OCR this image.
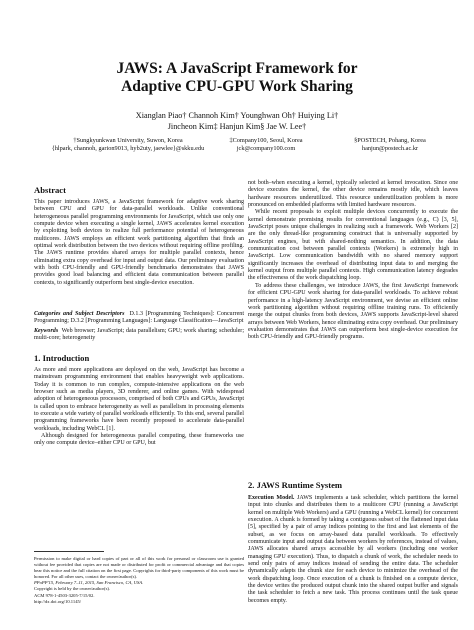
JAWS: A JavaScript Framework for
Adaptive CPU-GPU Work Sharing
Xianglan Piao† Channoh Kim† Younghwan Oh† Huiying Li†
Jincheon Kim‡ Hanjun Kim§ Jae W. Lee†
†Sungkyunkwan University, Suwon, Korea
{hlpark, channoh, garion9013, hyb2uty, jaewlee}@skku.edu
‡Company100, Seoul, Korea
jck@company100.com
§POSTECH, Pohang, Korea
hanjun@postech.ac.kr
Abstract

This paper introduces JAWS, a JavaScript framework for adaptive work sharing between CPU and GPU for data-parallel workloads. Unlike conventional heterogeneous parallel programming environments for JavaScript, which use only one compute device when executing a single kernel, JAWS accelerates kernel execution by exploiting both devices to realize full performance potential of heterogeneous multicores. JAWS employs an efficient work partitioning algorithm that finds an optimal work distribution between the two devices without requiring offline profiling. The JAWS runtime provides shared arrays for multiple parallel contexts, hence eliminating extra copy overhead for input and output data. Our preliminary evaluation with both CPU-friendly and GPU-friendly benchmarks demonstrates that JAWS provides good load balancing and efficient data communication between parallel contexts, to significantly outperform best single-device execution.

Categories and Subject Descriptors D.1.3 [Programming Techniques]: Concurrent Programming; D.3.2 [Programming Languages]: Language Classification—JavaScript

Keywords Web browser; JavaScript; data parallelism; GPU; work sharing; scheduler; multi-core; heterogeneity

1. Introduction

As more and more applications are deployed on the web, JavaScript has become a mainstream programming environment that enables heavyweight web applications. Today it is common to run complex, compute-intensive applications on the web browser such as media players, 3D renderer, and online games. With widespread adoption of heterogeneous processors, comprised of both CPUs and GPUs, JavaScript is called upon to embrace heterogeneity as well as parallelism in processing elements to execute a wide variety of parallel workloads efficiently. To this end, several parallel programming frameworks have been recently proposed to accelerate data-parallel workloads, including WebCL [1].

Although designed for heterogeneous parallel computing, these frameworks use only one compute device–either CPU or GPU, but

Permission to make digital or hard copies of part or all of this work for personal or classroom use is granted without fee provided that copies are not made or distributed for profit or commercial advantage and that copies bear this notice and the full citation on the first page. Copyrights for third-party components of this work must be honored. For all other uses, contact the owner/author(s).

PPoPP'15, February 7–11, 2015, San Francisco, CA, USA.

Copyright is held by the owner/author(s).

ACM 978-1-4503-3205-7/15/02.

http://dx.doi.org/10.1145/

not both–when executing a kernel, typically selected at kernel invocation. Since one device executes the kernel, the other device remains mostly idle, which leaves hardware resources underutilized. This resource underutilization problem is more pronounced on embedded platforms with limited hardware resources.

While recent proposals to exploit multiple devices concurrently to execute the kernel demonstrate promising results for conventional languages (e.g., C) [3, 5], JavaScript poses unique challenges in realizing such a framework. Web Workers [2] are the only thread-like programming construct that is universally supported by JavaScript engines, but with shared-nothing semantics. In addition, the data communication cost between parallel contexts (Workers) is extremely high in JavaScript. Low communication bandwidth with no shared memory support significantly increases the overhead of distributing input data to and merging the kernel output from multiple parallel contexts. High communication latency degrades the effectiveness of the work dispatching loop.

To address these challenges, we introduce JAWS, the first JavaScript framework for efficient CPU-GPU work sharing for data-parallel workloads. To achieve robust performance in a high-latency JavaScript environment, we devise an efficient online work partitioning algorithm without requiring offline training runs. To efficiently merge the output chunks from both devices, JAWS supports JavaScript-level shared arrays between Web Workers, hence eliminating extra copy overhead. Our preliminary evaluation demonstrates that JAWS can outperform best single-device execution for both CPU-friendly and GPU-friendly programs.

2. JAWS Runtime System

Execution Model. JAWS implements a task scheduler, which partitions the kernel input into chunks and distributes them to a multicore CPU (running a JavaScript kernel on multiple Web Workers) and a GPU (running a WebCL kernel) for concurrent execution. A chunk is formed by taking a contiguous subset of the flattened input data [5], specified by a pair of array indices pointing to the first and last elements of the subset, as we focus on array-based data parallel workloads. To effectively communicate input and output data between workers by references, instead of values, JAWS allocates shared arrays accessible by all workers (including one worker managing GPU execution). Thus, to dispatch a chunk of work, the scheduler needs to send only pairs of array indices instead of sending the entire data. The scheduler dynamically adapts the chunk size for each device to minimize the overhead of the work dispatching loop. Once execution of a chunk is finished on a compute device, the device writes the produced output chunk into the shared output buffer and signals the task scheduler to fetch a new task. This process continues until the task queue becomes empty.
